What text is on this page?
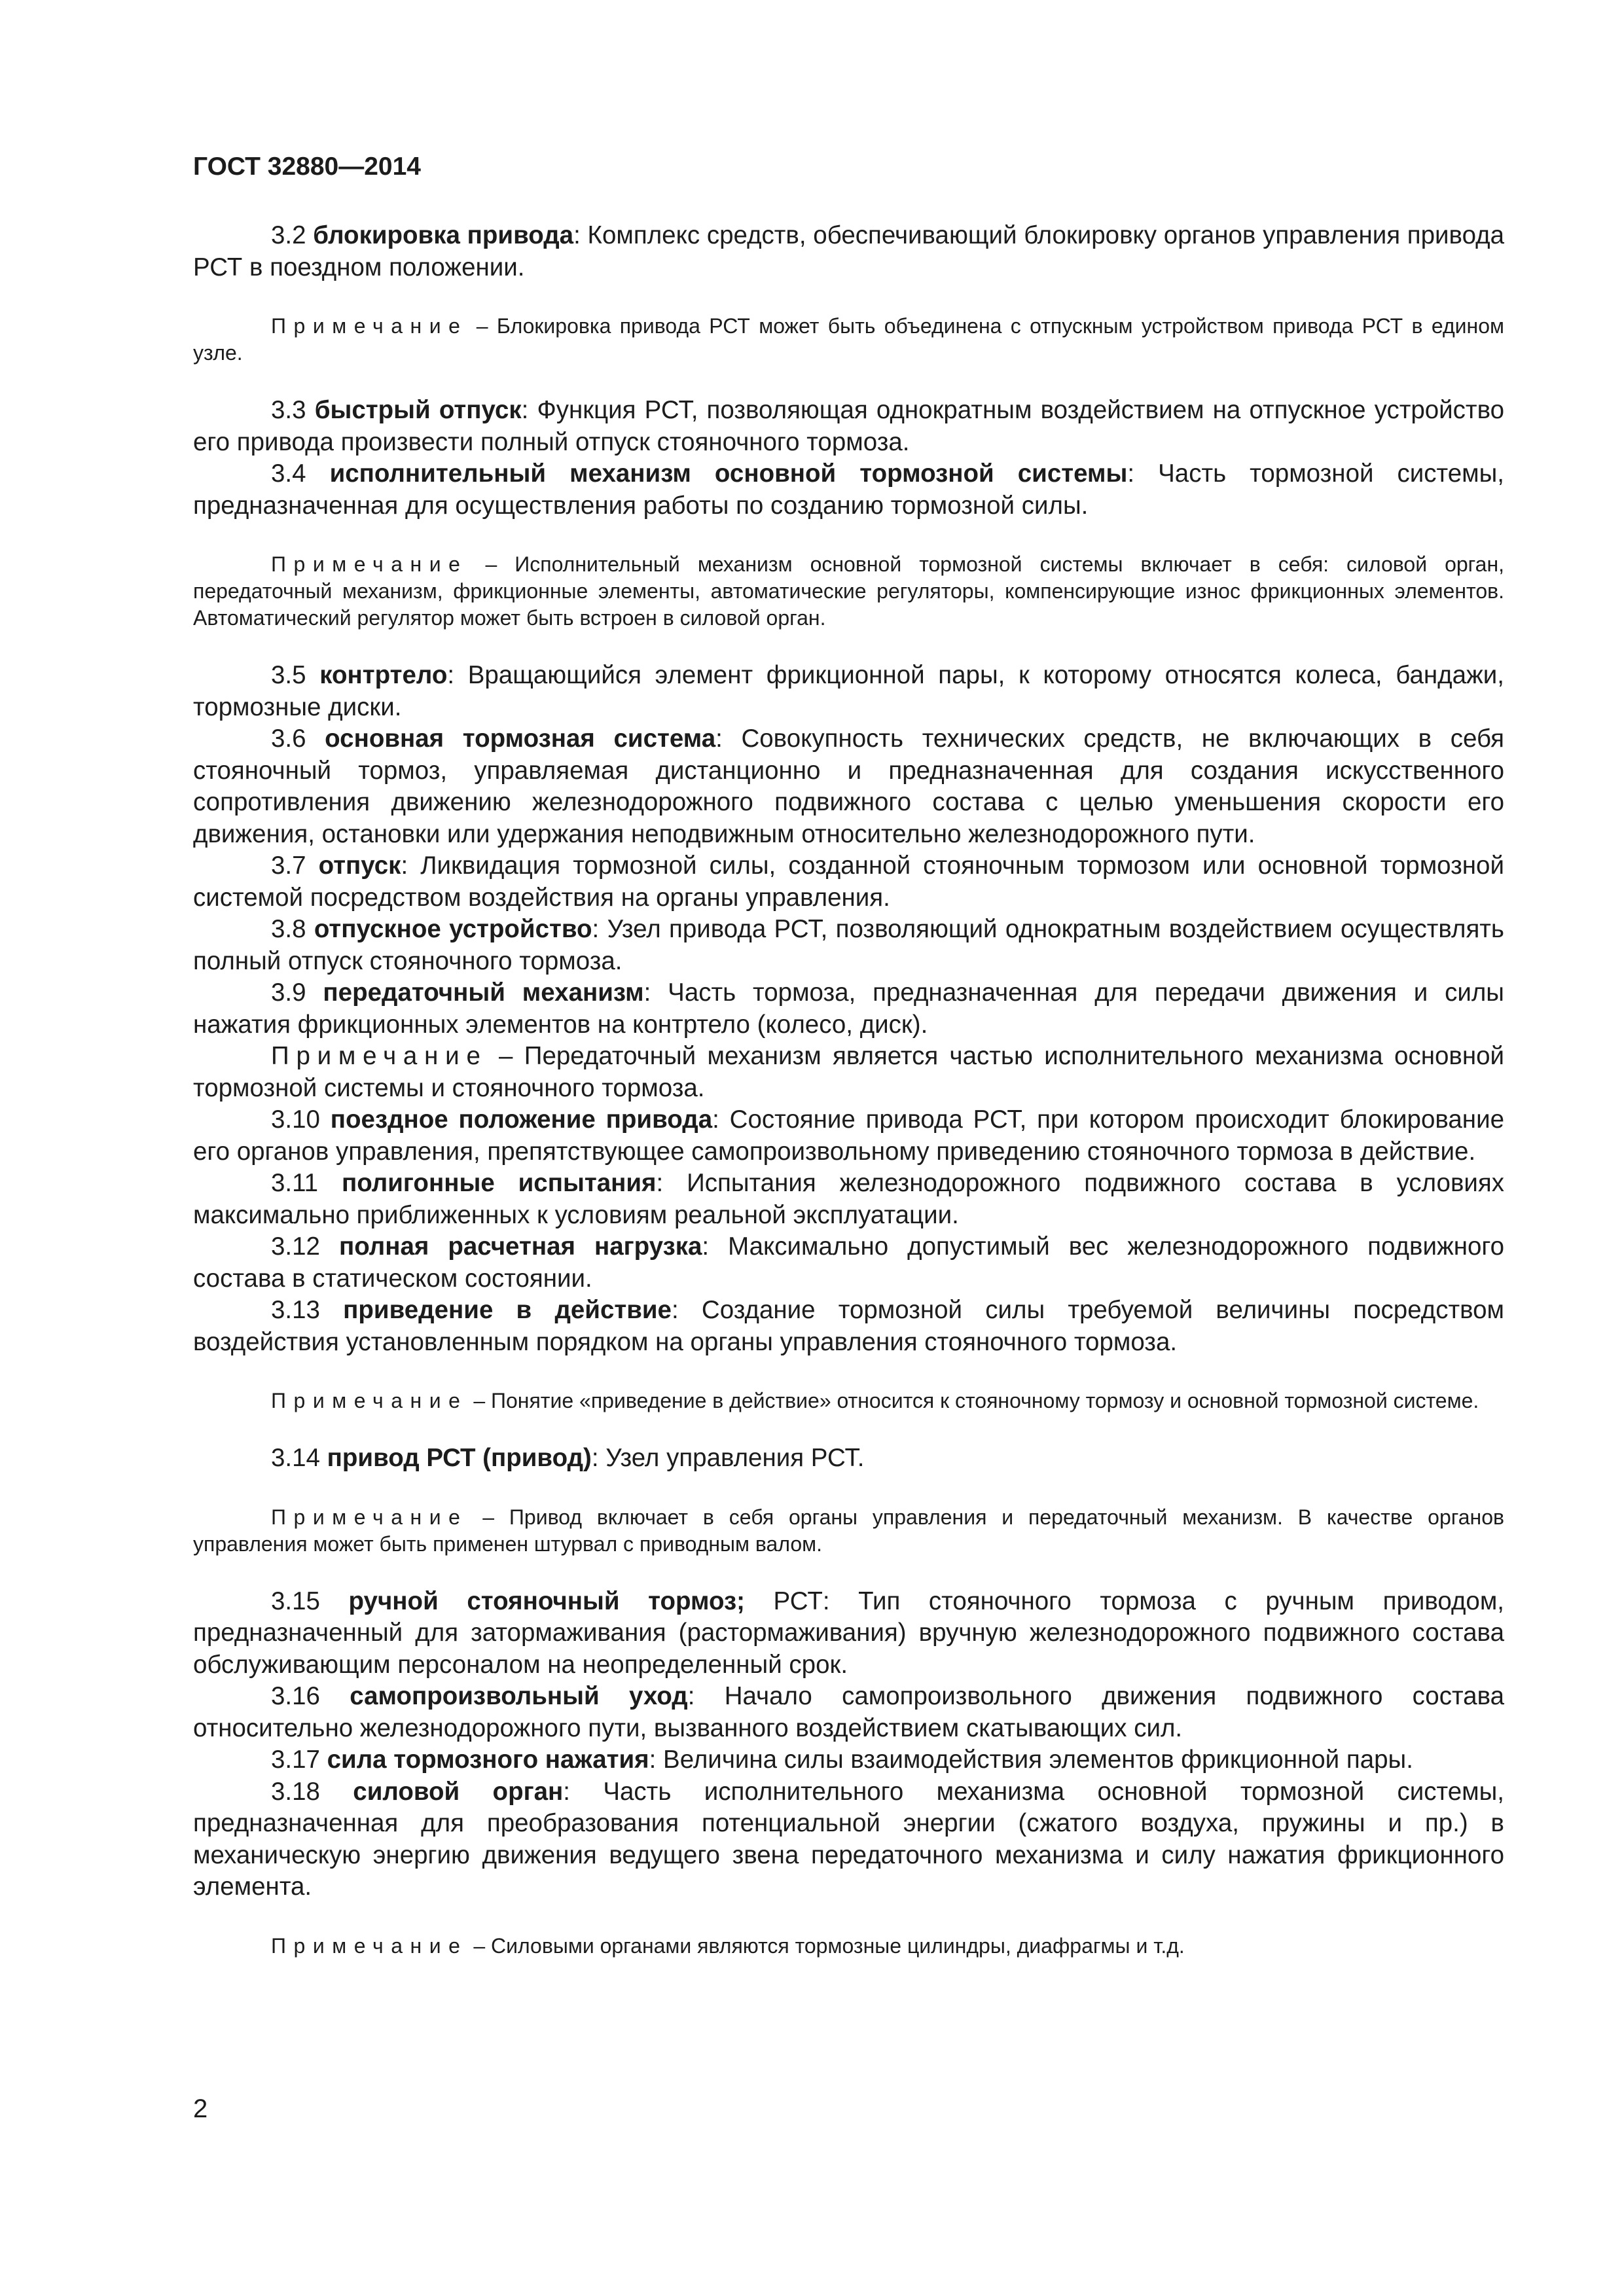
ГОСТ 32880—2014

3.2 блокировка привода: Комплекс средств, обеспечивающий блокировку органов управления привода РСТ в поездном положении.

Примечание – Блокировка привода РСТ может быть объединена с отпускным устройством привода РСТ в едином узле.

3.3 быстрый отпуск: Функция РСТ, позволяющая однократным воздействием на отпускное устройство его привода произвести полный отпуск стояночного тормоза.

3.4 исполнительный механизм основной тормозной системы: Часть тормозной системы, предназначенная для осуществления работы по созданию тормозной силы.

Примечание – Исполнительный механизм основной тормозной системы включает в себя: силовой орган, передаточный механизм, фрикционные элементы, автоматические регуляторы, компенсирующие износ фрикционных элементов. Автоматический регулятор может быть встроен в силовой орган.

3.5 контртело: Вращающийся элемент фрикционной пары, к которому относятся колеса, бандажи, тормозные диски.

3.6 основная тормозная система: Совокупность технических средств, не включающих в себя стояночный тормоз, управляемая дистанционно и предназначенная для создания искусственного сопротивления движению железнодорожного подвижного состава с целью уменьшения скорости его движения, остановки или удержания неподвижным относительно железнодорожного пути.

3.7 отпуск: Ликвидация тормозной силы, созданной стояночным тормозом или основной тормозной системой посредством воздействия на органы управления.

3.8 отпускное устройство: Узел привода РСТ, позволяющий однократным воздействием осуществлять полный отпуск стояночного тормоза.

3.9 передаточный механизм: Часть тормоза, предназначенная для передачи движения и силы нажатия фрикционных элементов на контртело (колесо, диск).

Примечание – Передаточный механизм является частью исполнительного механизма основной тормозной системы и стояночного тормоза.

3.10 поездное положение привода: Состояние привода РСТ, при котором происходит блокирование его органов управления, препятствующее самопроизвольному приведению стояночного тормоза в действие.

3.11 полигонные испытания: Испытания железнодорожного подвижного состава в условиях максимально приближенных к условиям реальной эксплуатации.

3.12 полная расчетная нагрузка: Максимально допустимый вес железнодорожного подвижного состава в статическом состоянии.

3.13 приведение в действие: Создание тормозной силы требуемой величины посредством воздействия установленным порядком на органы управления стояночного тормоза.

Примечание – Понятие «приведение в действие» относится к стояночному тормозу и основной тормозной системе.

3.14 привод РСТ (привод): Узел управления РСТ.

Примечание – Привод включает в себя органы управления и передаточный механизм. В качестве органов управления может быть применен штурвал с приводным валом.

3.15 ручной стояночный тормоз; РСТ: Тип стояночного тормоза с ручным приводом, предназначенный для затормаживания (растормаживания) вручную железнодорожного подвижного состава обслуживающим персоналом на неопределенный срок.

3.16 самопроизвольный уход: Начало самопроизвольного движения подвижного состава относительно железнодорожного пути, вызванного воздействием скатывающих сил.

3.17 сила тормозного нажатия: Величина силы взаимодействия элементов фрикционной пары.

3.18 силовой орган: Часть исполнительного механизма основной тормозной системы, предназначенная для преобразования потенциальной энергии (сжатого воздуха, пружины и пр.) в механическую энергию движения ведущего звена передаточного механизма и силу нажатия фрикционного элемента.

Примечание – Силовыми органами являются тормозные цилиндры, диафрагмы и т.д.

2
